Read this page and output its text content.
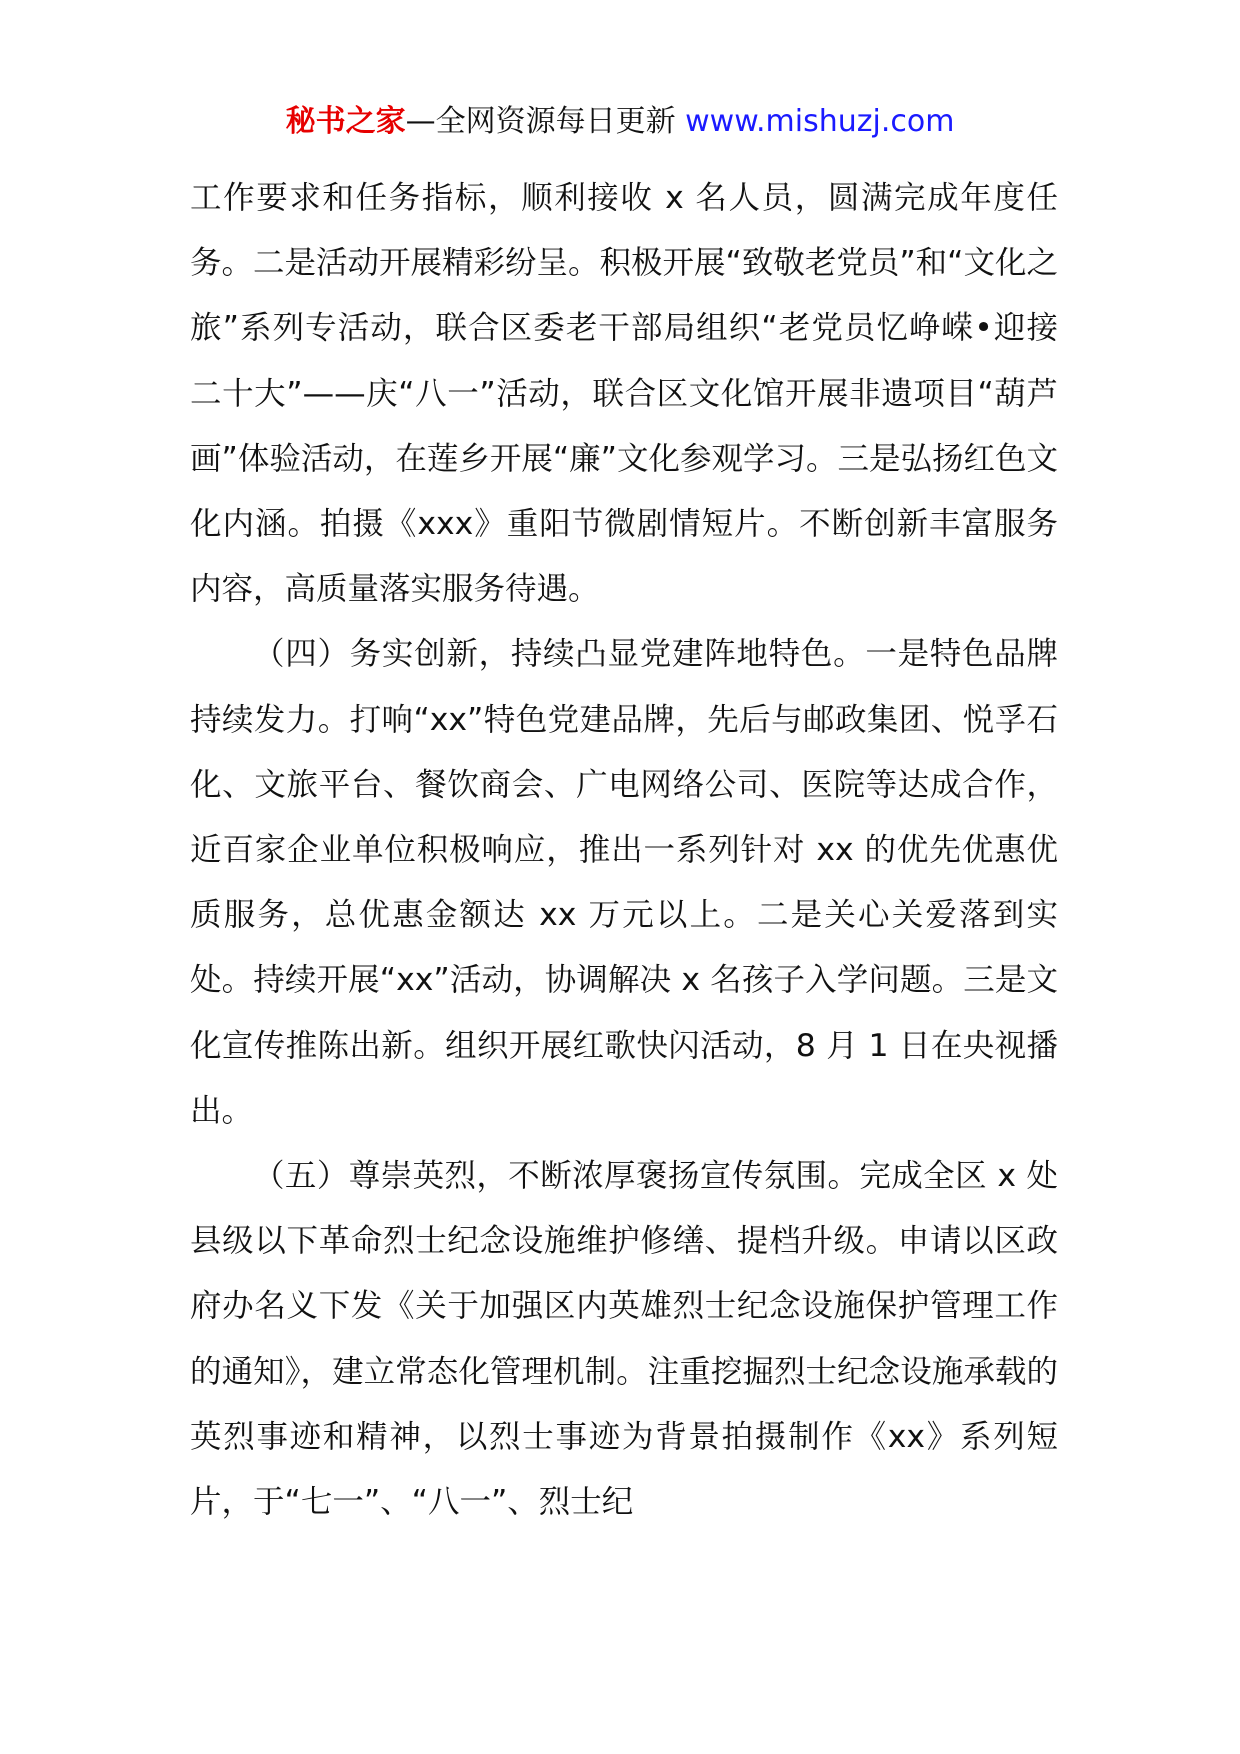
秘书之家—全网资源每日更新 www.mishuzj.com

工作要求和任务指标，顺利接收 x 名人员，圆满完成年度任务。二是活动开展精彩纷呈。积极开展“致敬老党员”和“文化之旅”系列专活动，联合区委老干部局组织“老党员忆峥嵘•迎接二十大”——庆“八一”活动，联合区文化馆开展非遗项目“葫芦画”体验活动，在莲乡开展“廉”文化参观学习。三是弘扬红色文化内涵。拍摄《xxx》重阳节微剧情短片。不断创新丰富服务内容，高质量落实服务待遇。

（四）务实创新，持续凸显党建阵地特色。一是特色品牌持续发力。打响“xx”特色党建品牌，先后与邮政集团、悦孚石化、文旅平台、餐饮商会、广电网络公司、医院等达成合作，近百家企业单位积极响应，推出一系列针对 xx 的优先优惠优质服务，总优惠金额达 xx 万元以上。二是关心关爱落到实处。持续开展“xx”活动，协调解决 x 名孩子入学问题。三是文化宣传推陈出新。组织开展红歌快闪活动，8 月 1 日在央视播出。

（五）尊崇英烈，不断浓厚褒扬宣传氛围。完成全区 x 处县级以下革命烈士纪念设施维护修缮、提档升级。申请以区政府办名义下发《关于加强区内英雄烈士纪念设施保护管理工作的通知》，建立常态化管理机制。注重挖掘烈士纪念设施承载的英烈事迹和精神，以烈士事迹为背景拍摄制作《xx》系列短片，于“七一”、“八一”、烈士纪
